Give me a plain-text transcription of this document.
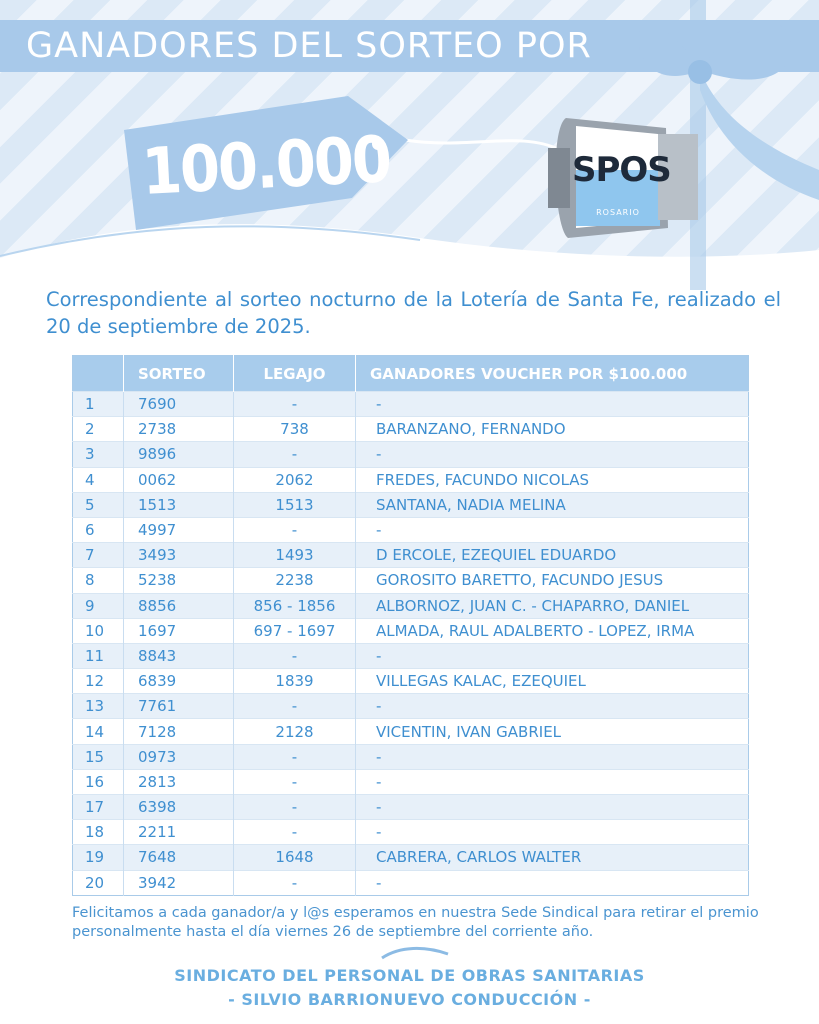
GANADORES DEL SORTEO POR
100.000	SPOS
ROSARIO
Correspondiente al sorteo nocturno de la Lotería de Santa Fe, realizado el 20 de septiembre de 2025.
	SORTEO	LEGAJO	GANADORES VOUCHER POR $100.000
1	7690	-	-
2	2738	738	BARANZANO, FERNANDO
3	9896	-	-
4	0062	2062	FREDES, FACUNDO NICOLAS
5	1513	1513	SANTANA, NADIA MELINA
6	4997	-	-
7	3493	1493	D ERCOLE, EZEQUIEL EDUARDO
8	5238	2238	GOROSITO BARETTO, FACUNDO JESUS
9	8856	856 - 1856	ALBORNOZ, JUAN C. - CHAPARRO, DANIEL
10	1697	697 - 1697	ALMADA, RAUL ADALBERTO - LOPEZ, IRMA
11	8843	-	-
12	6839	1839	VILLEGAS KALAC, EZEQUIEL
13	7761	-	-
14	7128	2128	VICENTIN, IVAN GABRIEL
15	0973	-	-
16	2813	-	-
17	6398	-	-
18	2211	-	-
19	7648	1648	CABRERA, CARLOS WALTER
20	3942	-	-
Felicitamos a cada ganador/a y l@s esperamos en nuestra Sede Sindical para retirar el premio personalmente hasta el día viernes 26 de septiembre del corriente año.
SINDICATO DEL PERSONAL DE OBRAS SANITARIAS
- SILVIO BARRIONUEVO CONDUCCIÓN -
